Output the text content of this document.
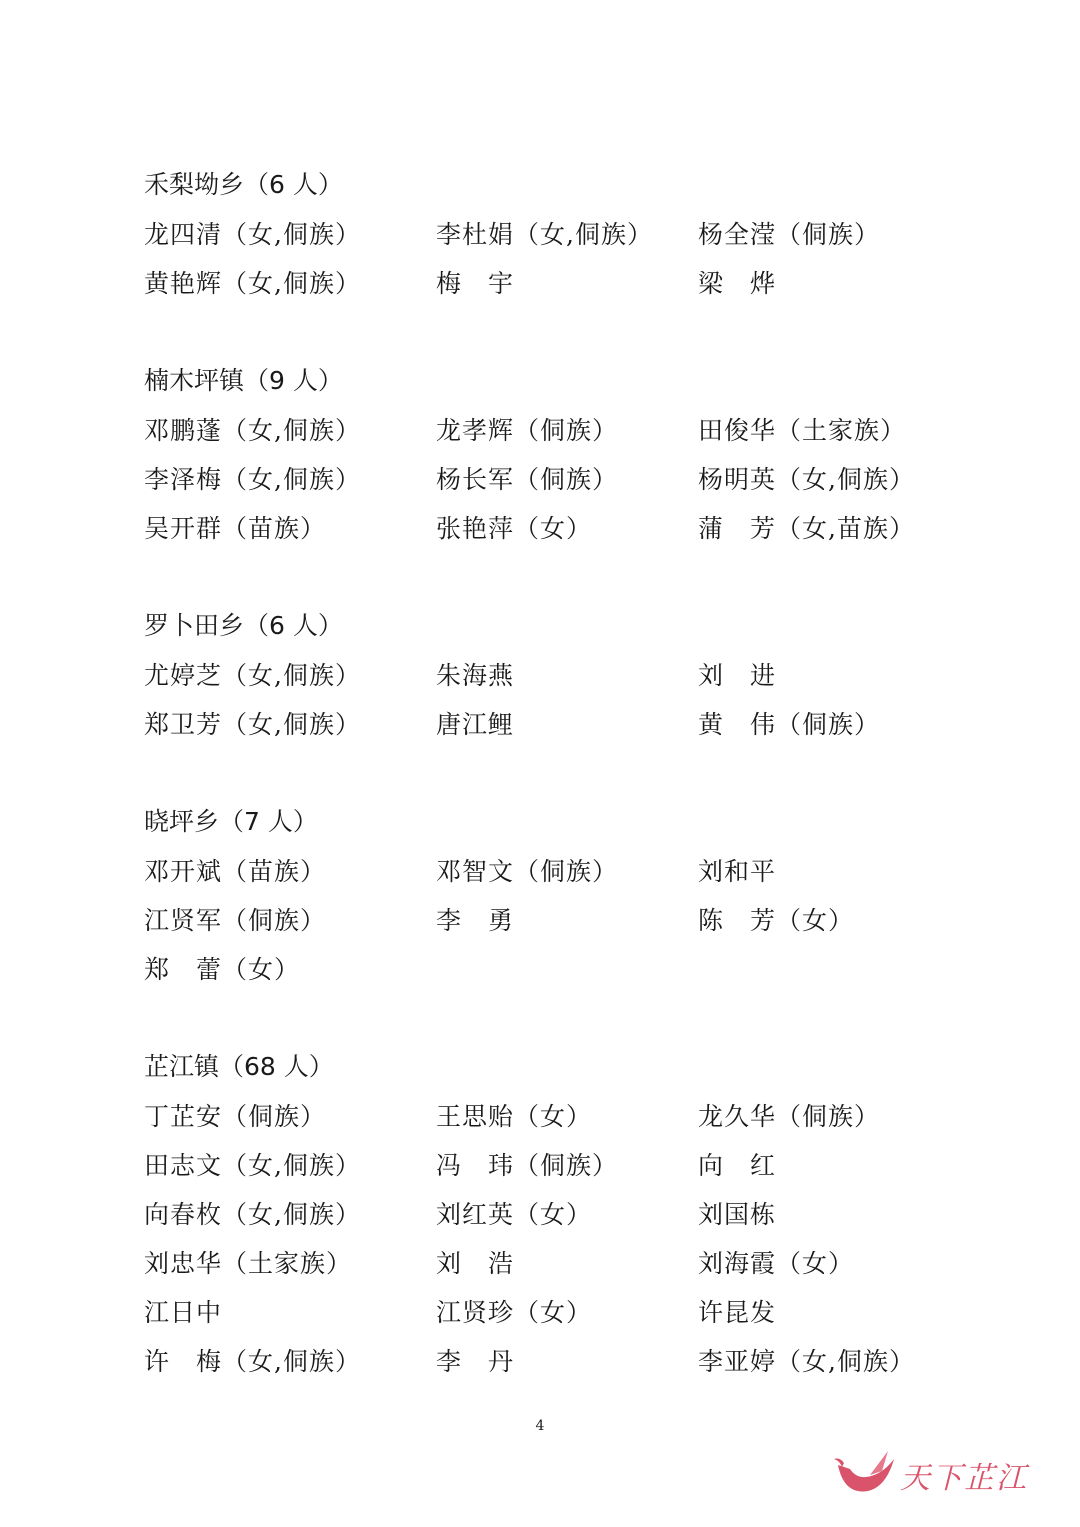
禾梨坳乡（6 人）
龙四清（女,侗族）	李杜娟（女,侗族）	杨全滢（侗族）
黄艳辉（女,侗族）	梅　宇	梁　烨
楠木坪镇（9 人）
邓鹏蓬（女,侗族）	龙孝辉（侗族）	田俊华（土家族）
李泽梅（女,侗族）	杨长军（侗族）	杨明英（女,侗族）
吴开群（苗族）	张艳萍（女）	蒲　芳（女,苗族）
罗卜田乡（6 人）
尤婷芝（女,侗族）	朱海燕	刘　进
郑卫芳（女,侗族）	唐江鲤	黄　伟（侗族）
晓坪乡（7 人）
邓开斌（苗族）	邓智文（侗族）	刘和平
江贤军（侗族）	李　勇	陈　芳（女）
郑　蕾（女）
芷江镇（68 人）
丁芷安（侗族）	王思贻（女）	龙久华（侗族）
田志文（女,侗族）	冯　玮（侗族）	向　红
向春枚（女,侗族）	刘红英（女）	刘国栋
刘忠华（土家族）	刘　浩	刘海霞（女）
江日中	江贤珍（女）	许昆发
许　梅（女,侗族）	李　丹	李亚婷（女,侗族）
4
天下芷江
